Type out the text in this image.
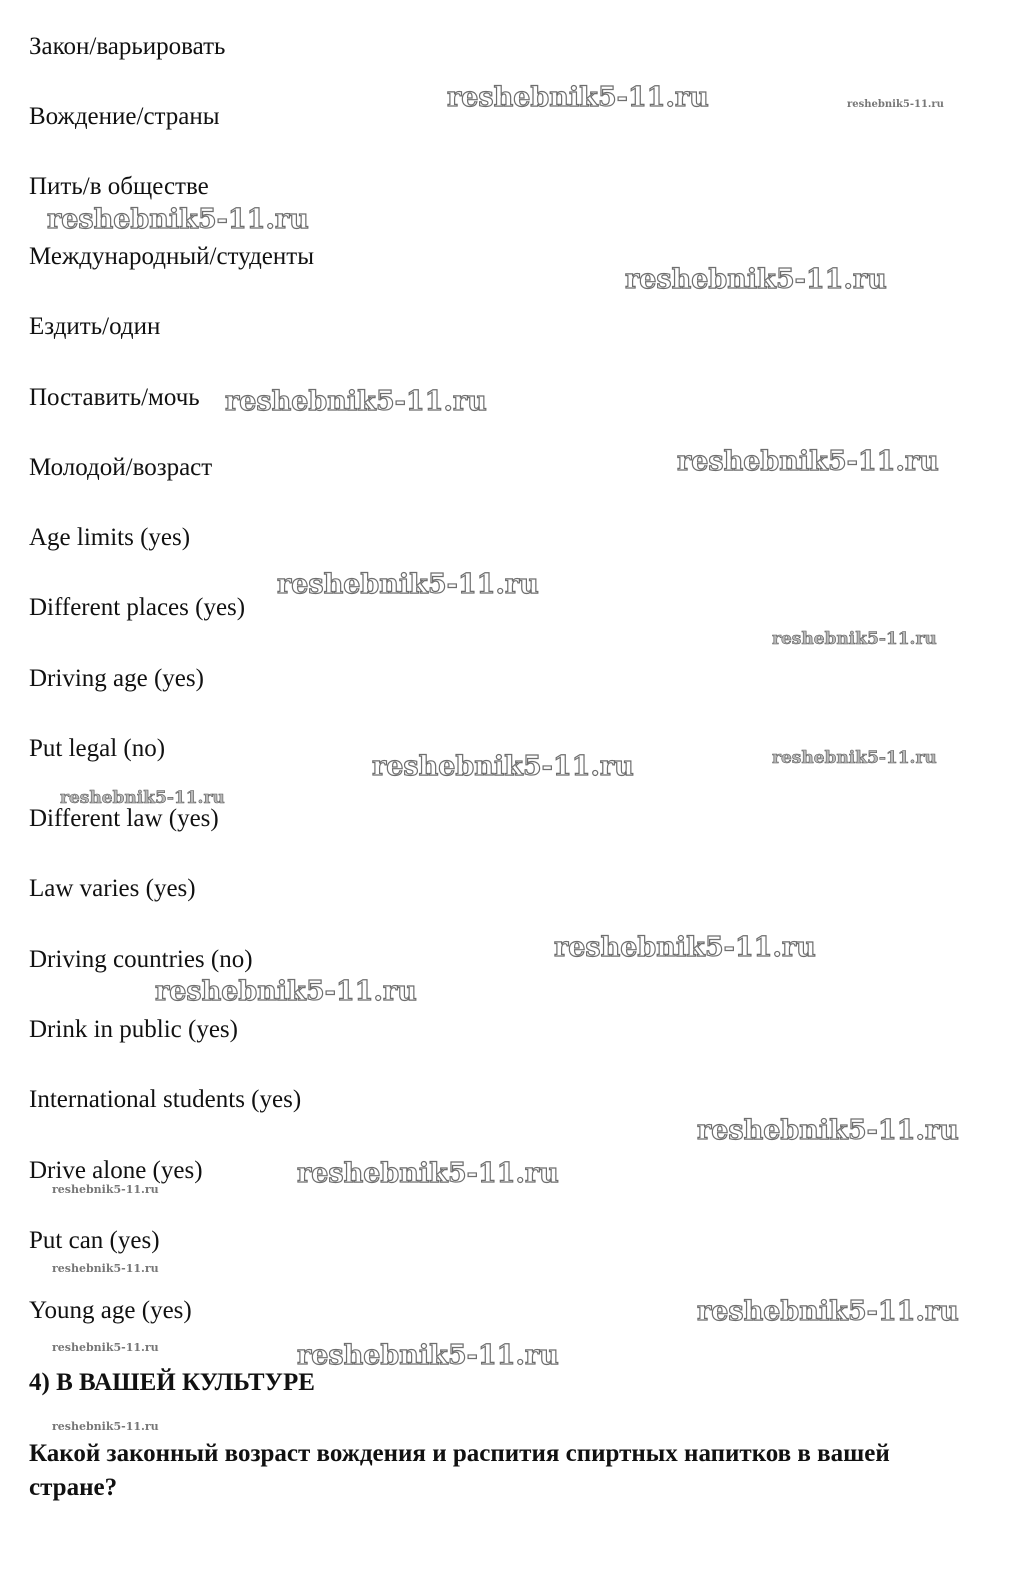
Закон/варьировать
Вождение/страны
Пить/в обществе
Международный/студенты
Ездить/один
Поставить/мочь
Молодой/возраст
Age limits (yes)
Different places (yes)
Driving age (yes)
Put legal (no)
Different law (yes)
Law varies (yes)
Driving countries (no)
Drink in public (yes)
International students (yes)
Drive alone (yes)
Put can (yes)
Young age (yes)
4) В ВАШЕЙ КУЛЬТУРЕ
Какой законный возраст вождения и распития спиртных напитков в вашей стране?
reshebnik5-11.ru	reshebnik5-11.ru
reshebnik5-11.ru
reshebnik5-11.ru
reshebnik5-11.ru
reshebnik5-11.ru
reshebnik5-11.ru
reshebnik5-11.ru
reshebnik5-11.ru	reshebnik5-11.ru
reshebnik5-11.ru
reshebnik5-11.ru
reshebnik5-11.ru
reshebnik5-11.ru
reshebnik5-11.ru
reshebnik5-11.ru
reshebnik5-11.ru
reshebnik5-11.ru
reshebnik5-11.ru	reshebnik5-11.ru
reshebnik5-11.ru
